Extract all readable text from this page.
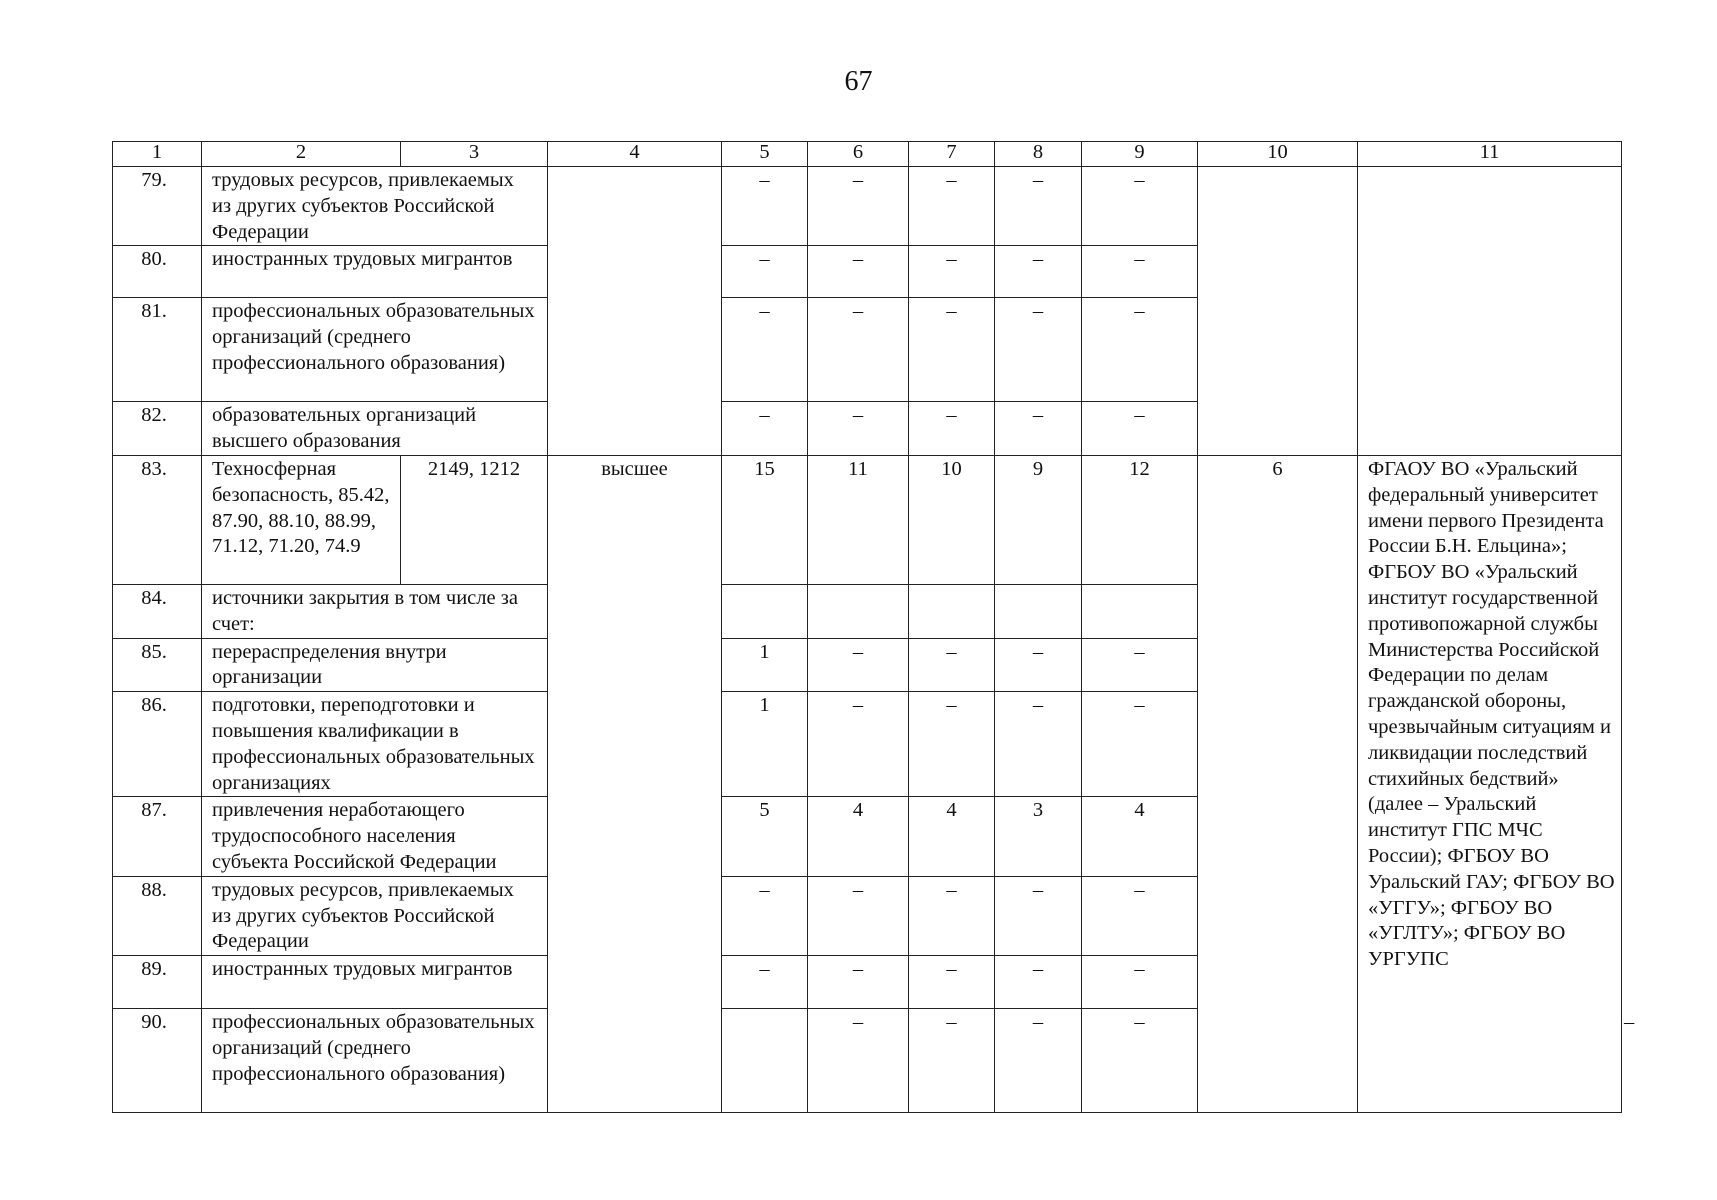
67
1	2	3	4	5	6	7	8	9	10	11	
79.	трудовых ресурсов, привлекаемых из других субъектов Российской Федерации			–	–	–	–	–			
80.	иностранных трудовых мигрантов			–	–	–	–	–			
81.	профессиональных образовательных организаций (среднего профессионального образования)			–	–	–	–	–			
82.	образовательных организаций высшего образования			–	–	–	–	–			
83.	Техносферная безопасность, 85.42, 87.90, 88.10, 88.99, 71.12, 71.20, 74.9	2149, 1212	высшее	15	11	10	9	12	6	ФГАОУ ВО «Уральский федеральный университет имени первого Президента России Б.Н. Ельцина»; ФГБОУ ВО «Уральский институт государственной противопожарной службы Министерства Российской Федерации по делам гражданской обороны, чрезвычайным ситуациям и ликвидации последствий стихийных бедствий» (далее – Уральский институт ГПС МЧС России); ФГБОУ ВО Уральский ГАУ; ФГБОУ ВО «УГГУ»; ФГБОУ ВО «УГЛТУ»; ФГБОУ ВО УРГУПС	
84.	источники закрытия в том числе за счет:										
85.	перераспределения внутри организации			1	–	–	–	–			
86.	подготовки, переподготовки и повышения квалификации в профессиональных образовательных организациях			1	–	–	–	–			
87.	привлечения неработающего трудоспособного населения субъекта Российской Федерации			5	4	4	3	4			
88.	трудовых ресурсов, привлекаемых из других субъектов Российской Федерации			–	–	–	–	–			
89.	иностранных трудовых мигрантов			–	–	–	–	–			
90.	профессиональных образовательных организаций (среднего профессионального образования)				–	–	–	–			–		
